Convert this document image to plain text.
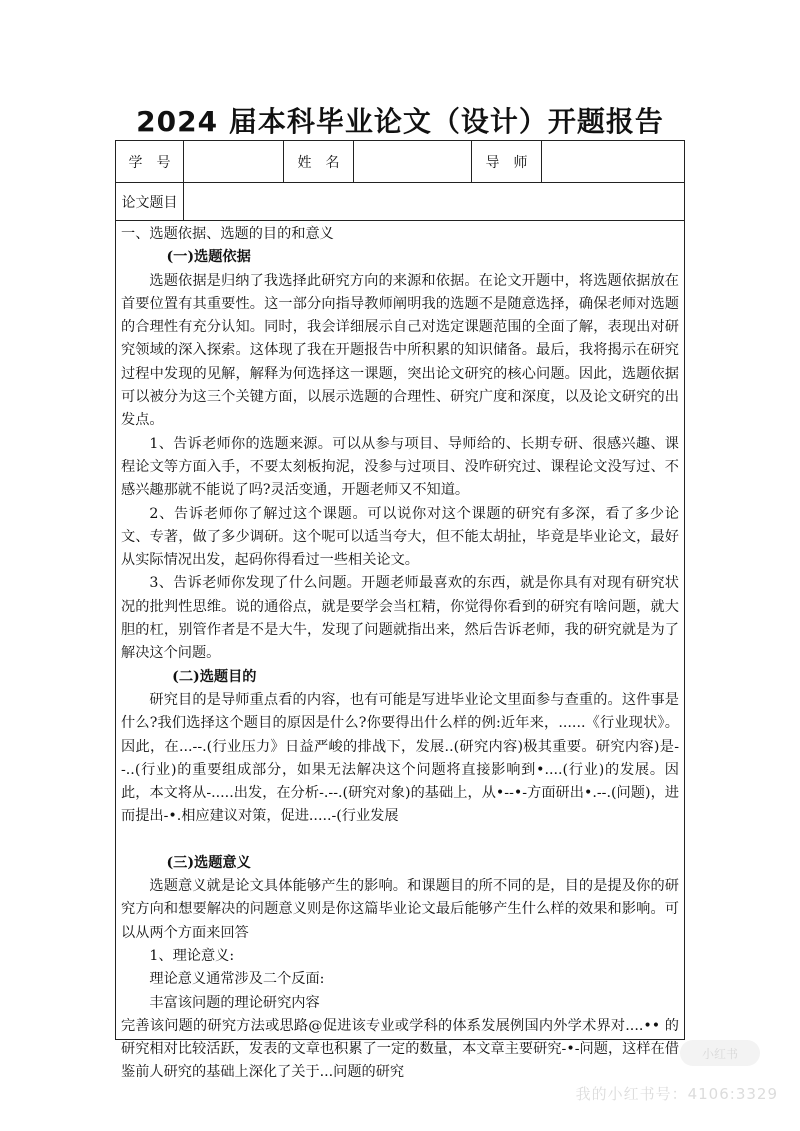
2024 届本科毕业论文（设计）开题报告
学　号	姓　名	导　师
论文题目

一、选题依据、选题的目的和意义

(一)选题依据

选题依据是归纳了我选择此研究方向的来源和依据。在论文开题中，将选题依据放在首要位置有其重要性。这一部分向指导教师阐明我的选题不是随意选择，确保老师对选题的合理性有充分认知。同时，我会详细展示自己对选定课题范围的全面了解，表现出对研究领域的深入探索。这体现了我在开题报告中所积累的知识储备。最后，我将揭示在研究过程中发现的见解，解释为何选择这一课题，突出论文研究的核心问题。因此，选题依据可以被分为这三个关键方面，以展示选题的合理性、研究广度和深度，以及论文研究的出发点。

1、告诉老师你的选题来源。可以从参与项目、导师给的、长期专研、很感兴趣、课程论文等方面入手，不要太刻板拘泥，没参与过项目、没咋研究过、课程论文没写过、不感兴趣那就不能说了吗?灵活变通，开题老师又不知道。

2、告诉老师你了解过这个课题。可以说你对这个课题的研究有多深，看了多少论文、专著，做了多少调研。这个呢可以适当夸大，但不能太胡扯，毕竟是毕业论文，最好从实际情况出发，起码你得看过一些相关论文。

3、告诉老师你发现了什么问题。开题老师最喜欢的东西，就是你具有对现有研究状况的批判性思维。说的通俗点，就是要学会当杠精，你觉得你看到的研究有啥问题，就大胆的杠，别管作者是不是大牛，发现了问题就指出来，然后告诉老师，我的研究就是为了解决这个问题。

(二)选题目的

研究目的是导师重点看的内容，也有可能是写进毕业论文里面参与查重的。这件事是什么?我们选择这个题目的原因是什么?你要得出什么样的例:近年来，......《行业现状》。因此，在...--.(行业压力》日益严峻的排战下，发展..(研究内容)极其重要。研究内容)是--..(行业)的重要组成部分，如果无法解决这个问题将直接影响到•....(行业)的发展。因此，本文将从-.....出发，在分析-.--.(研究对象)的基础上，从•--•-方面研出•.--.(问题)，进而提出-•.相应建议对策，促进.....-(行业发展

(三)选题意义

选题意义就是论文具体能够产生的影响。和课题目的所不同的是，目的是提及你的研究方向和想要解决的问题意义则是你这篇毕业论文最后能够产生什么样的效果和影响。可以从两个方面来回答

1、理论意义:

理论意义通常涉及二个反面:

丰富该问题的理论研究内容

完善该问题的研究方法或思路@促进该专业或学科的体系发展例国内外学术界对....•• 的研究相对比较活跃，发表的文章也积累了一定的数量，本文章主要研究-•-问题，这样在借鉴前人研究的基础上深化了关于...问题的研究

小红书
我的小红书号：4106:3329
